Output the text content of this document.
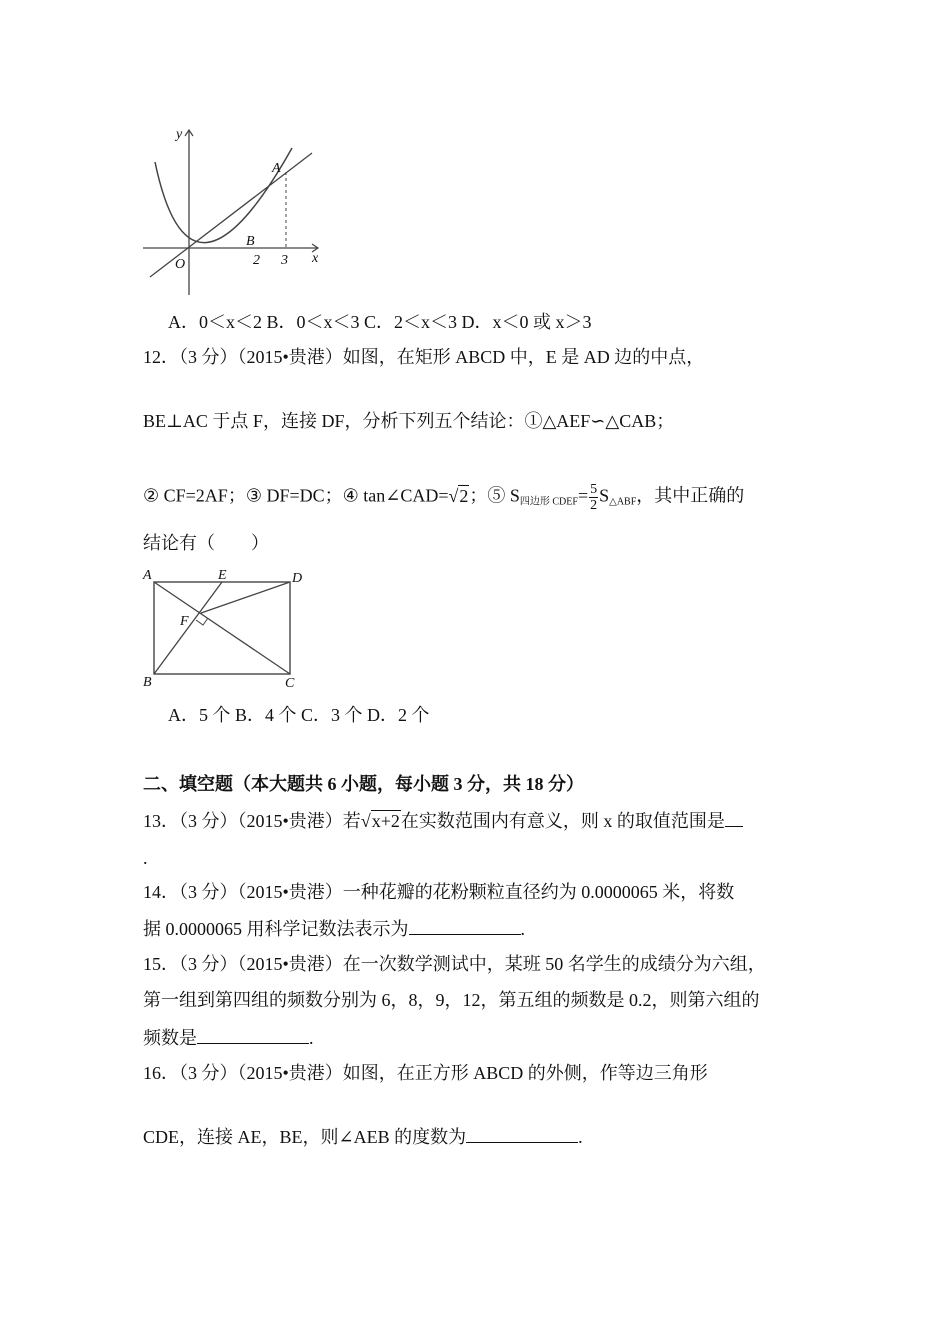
y
x
O
A
B
2 3
A．0＜x＜2 B．0＜x＜3 C．2＜x＜3 D．x＜0 或 x＞3
12．（3 分）（2015•贵港）如图，在矩形 ABCD 中，E 是 AD 边的中点，
BE⊥AC 于点 F，连接 DF，分析下列五个结论：①△AEF∽△CAB；
② CF=2AF；③ DF=DC；④ tan∠CAD=√2；⑤ $S_{四边形 CDEF}= \frac{5}{2} S_{\triangle ABF}$，其中正确的
结论有（　　）
A	E	D
F
B	C
A．5 个 B．4 个 C．3 个 D．2 个
二、填空题（本大题共 6 小题，每小题 3 分，共 18 分）
13．（3 分）（2015•贵港）若√x+2在实数范围内有意义，则 x 的取值范围是
.
14．（3 分）（2015•贵港）一种花瓣的花粉颗粒直径约为 0.0000065 米，将数
据 0.0000065 用科学记数法表示为	.
15．（3 分）（2015•贵港）在一次数学测试中，某班 50 名学生的成绩分为六组，
第一组到第四组的频数分别为 6，8，9，12，第五组的频数是 0.2，则第六组的
频数是	.
16．（3 分）（2015•贵港）如图，在正方形 ABCD 的外侧，作等边三角形
CDE，连接 AE，BE，则∠AEB 的度数为	.
